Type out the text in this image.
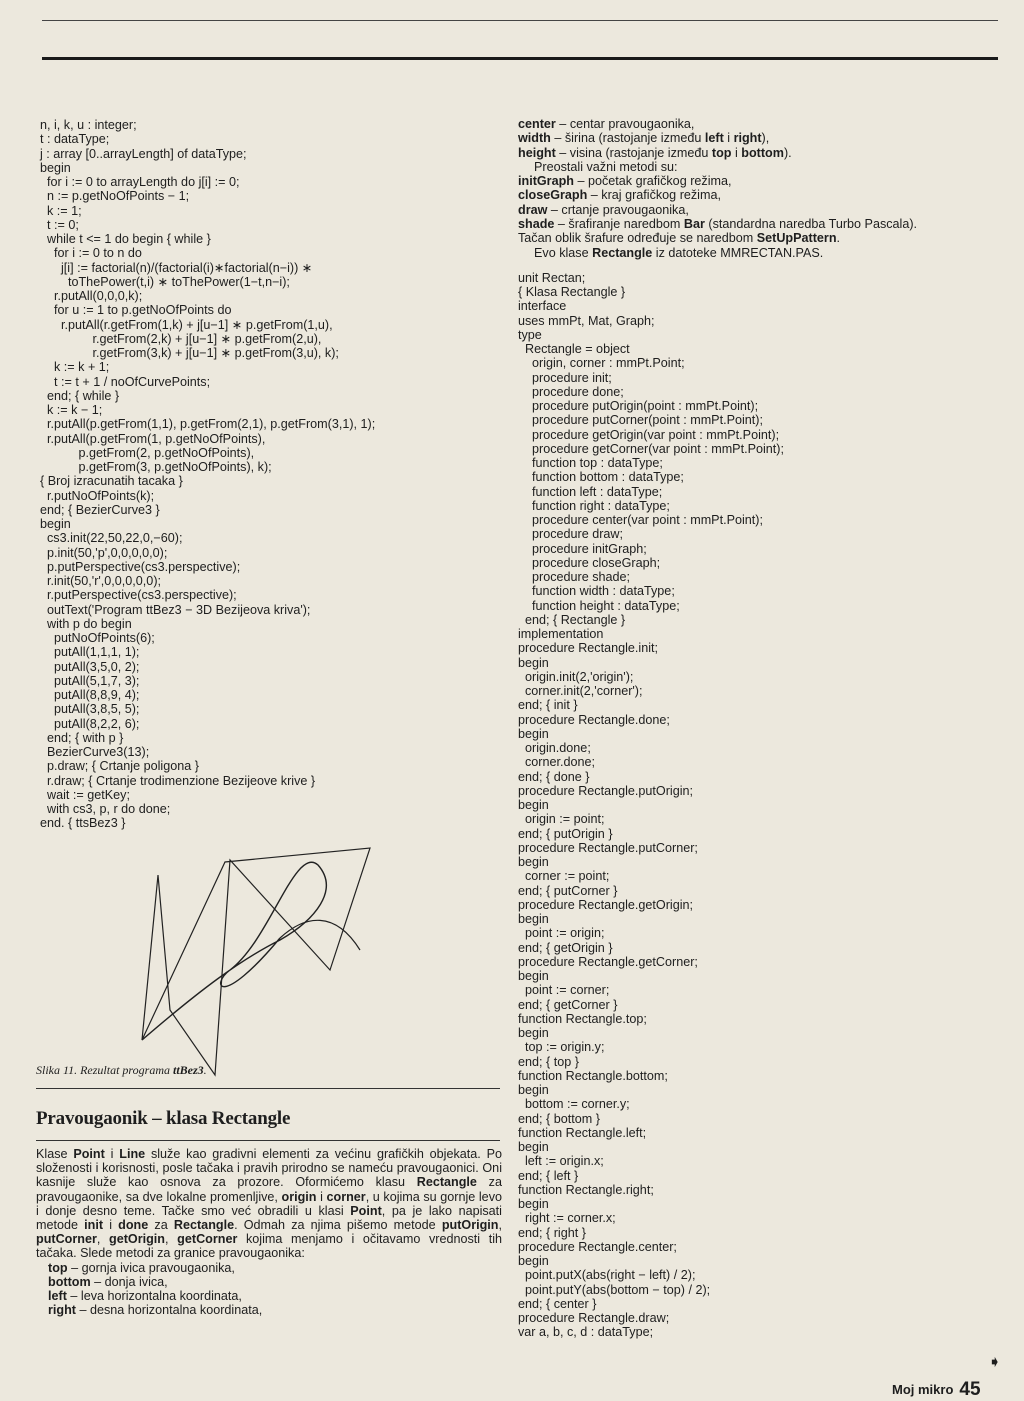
n, i, k, u : integer;
t : dataType;
j : array [0..arrayLength] of dataType;
begin
for i := 0 to arrayLength do j[i] := 0;
n := p.getNoOfPoints − 1;
k := 1;
t := 0;
while t <= 1 do begin { while }
for i := 0 to n do
j[i] := factorial(n)/(factorial(i)∗factorial(n−i)) ∗
toThePower(t,i) ∗ toThePower(1−t,n−i);
r.putAll(0,0,0,k);
for u := 1 to p.getNoOfPoints do
r.putAll(r.getFrom(1,k) + j[u−1] ∗ p.getFrom(1,u),
r.getFrom(2,k) + j[u−1] ∗ p.getFrom(2,u),
r.getFrom(3,k) + j[u−1] ∗ p.getFrom(3,u), k);
k := k + 1;
t := t + 1 / noOfCurvePoints;
end; { while }
k := k − 1;
r.putAll(p.getFrom(1,1), p.getFrom(2,1), p.getFrom(3,1), 1);
r.putAll(p.getFrom(1, p.getNoOfPoints),
p.getFrom(2, p.getNoOfPoints),
p.getFrom(3, p.getNoOfPoints), k);
{ Broj izracunatih tacaka }
r.putNoOfPoints(k);
end; { BezierCurve3 }
begin
cs3.init(22,50,22,0,−60);
p.init(50,'p',0,0,0,0,0);
p.putPerspective(cs3.perspective);
r.init(50,'r',0,0,0,0,0);
r.putPerspective(cs3.perspective);
outText('Program ttBez3 − 3D Bezijeova kriva');
with p do begin
putNoOfPoints(6);
putAll(1,1,1, 1);
putAll(3,5,0, 2);
putAll(5,1,7, 3);
putAll(8,8,9, 4);
putAll(3,8,5, 5);
putAll(8,2,2, 6);
end; { with p }
BezierCurve3(13);
p.draw; { Crtanje poligona }
r.draw; { Crtanje trodimenzione Bezijeove krive }
wait := getKey;
with cs3, p, r do done;
end. { ttsBez3 }
Slika 11. Rezultat programa ttBez3.
Pravougaonik – klasa Rectangle

Klase Point i Line služe kao gradivni elementi za većinu grafičkih objekata. Po složenosti i korisnosti, posle tačaka i pravih prirodno se nameću pravougaonici. Oni kasnije služe kao osnova za prozore. Oformićemo klasu Rectangle za pravougaonike, sa dve lokalne promenljive, origin i corner, u kojima su gornje levo i donje desno teme. Tačke smo već obradili u klasi Point, pa je lako napisati metode init i done za Rectangle. Odmah za njima pišemo metode putOrigin, putCorner, getOrigin, getCorner kojima menjamo i očitavamo vrednosti tih tačaka. Slede metodi za granice pravougaonika:

top – gornja ivica pravougaonika,
bottom – donja ivica,
left – leva horizontalna koordinata,
right – desna horizontalna koordinata,
center – centar pravougaonika,
width – širina (rastojanje između left i right),
height – visina (rastojanje između top i bottom).
Preostali važni metodi su:
initGraph – početak grafičkog režima,
closeGraph – kraj grafičkog režima,
draw – crtanje pravougaonika,
shade – šrafiranje naredbom Bar (standardna naredba Turbo Pascala).
Tačan oblik šrafure određuje se naredbom SetUpPattern.
Evo klase Rectangle iz datoteke MMRECTAN.PAS.
unit Rectan;
{ Klasa Rectangle }
interface
uses mmPt, Mat, Graph;
type
Rectangle = object
origin, corner : mmPt.Point;
procedure init;
procedure done;
procedure putOrigin(point : mmPt.Point);
procedure putCorner(point : mmPt.Point);
procedure getOrigin(var point : mmPt.Point);
procedure getCorner(var point : mmPt.Point);
function top : dataType;
function bottom : dataType;
function left : dataType;
function right : dataType;
procedure center(var point : mmPt.Point);
procedure draw;
procedure initGraph;
procedure closeGraph;
procedure shade;
function width : dataType;
function height : dataType;
end; { Rectangle }
implementation
procedure Rectangle.init;
begin
origin.init(2,'origin');
corner.init(2,'corner');
end; { init }
procedure Rectangle.done;
begin
origin.done;
corner.done;
end; { done }
procedure Rectangle.putOrigin;
begin
origin := point;
end; { putOrigin }
procedure Rectangle.putCorner;
begin
corner := point;
end; { putCorner }
procedure Rectangle.getOrigin;
begin
point := origin;
end; { getOrigin }
procedure Rectangle.getCorner;
begin
point := corner;
end; { getCorner }
function Rectangle.top;
begin
top := origin.y;
end; { top }
function Rectangle.bottom;
begin
bottom := corner.y;
end; { bottom }
function Rectangle.left;
begin
left := origin.x;
end; { left }
function Rectangle.right;
begin
right := corner.x;
end; { right }
procedure Rectangle.center;
begin
point.putX(abs(right − left) / 2);
point.putY(abs(bottom − top) / 2);
end; { center }
procedure Rectangle.draw;
var a, b, c, d : dataType;
➧
Moj mikro 45
